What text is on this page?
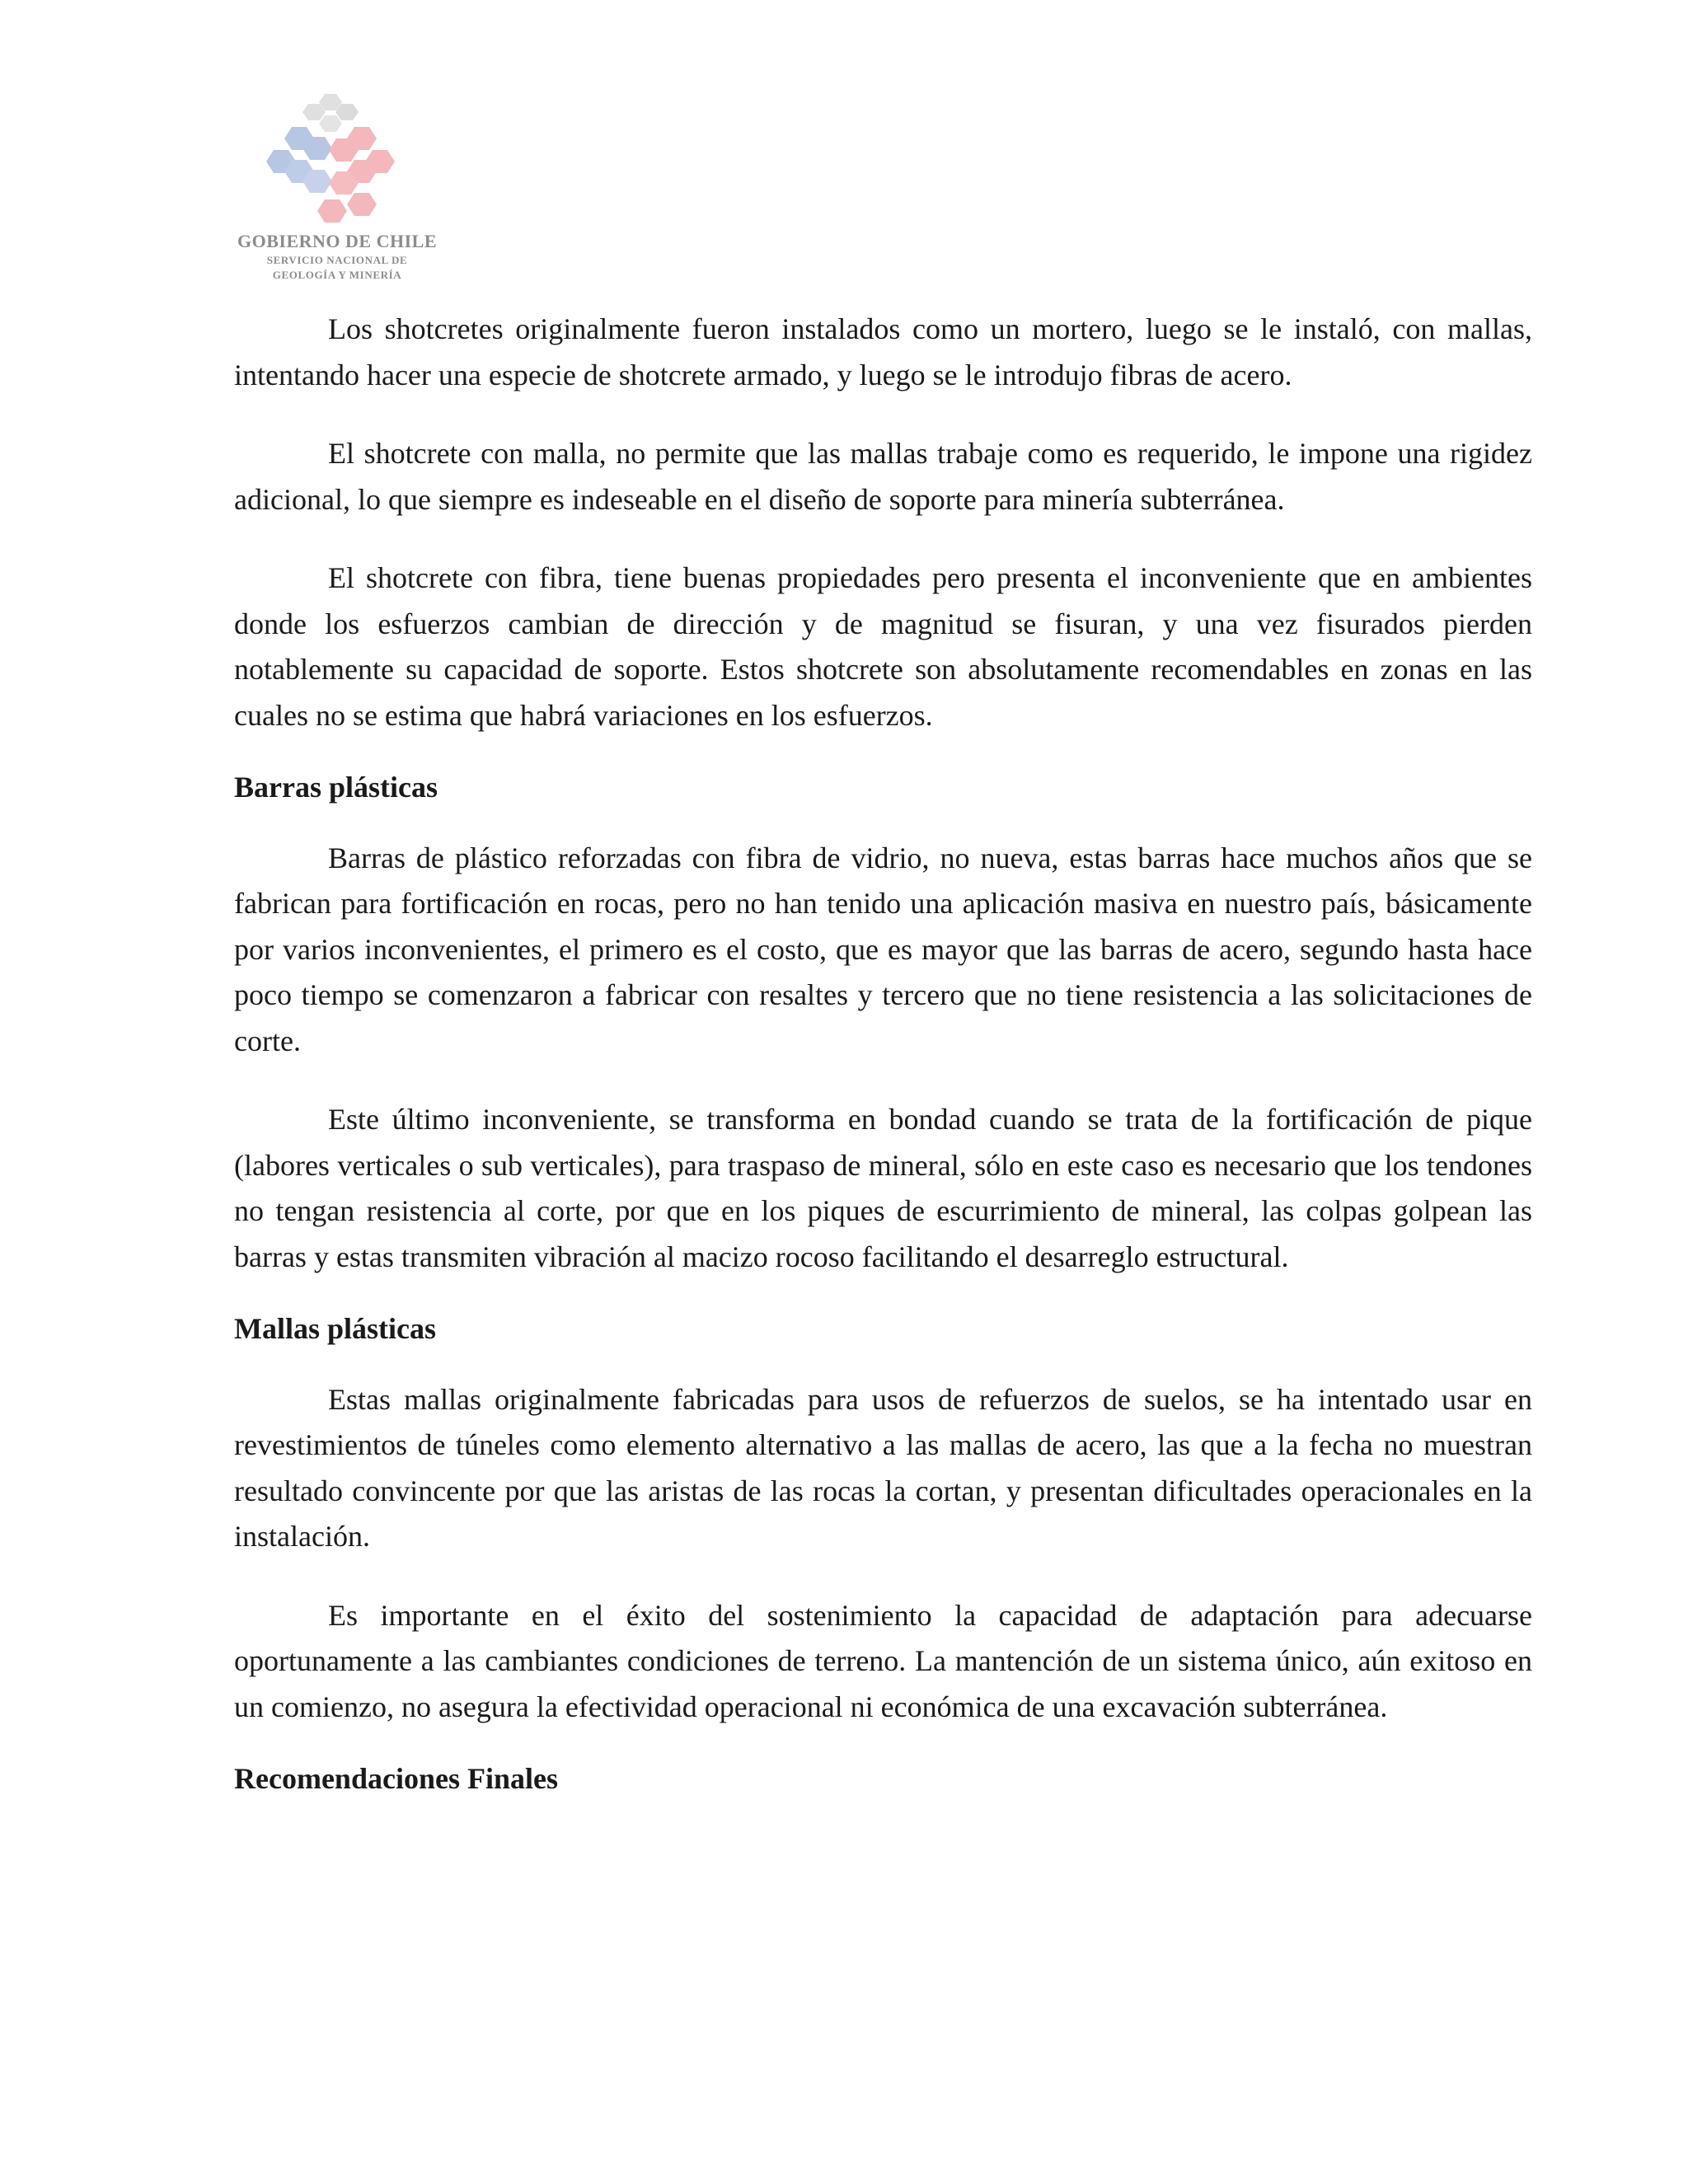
GOBIERNO DE CHILE
SERVICIO NACIONAL DE
GEOLOGÍA Y MINERÍA

Los shotcretes originalmente fueron instalados como un mortero, luego se le instaló, con mallas, intentando hacer una especie de shotcrete armado, y luego se le introdujo fibras de acero.

El shotcrete con malla, no permite que las mallas trabaje como es requerido, le impone una rigidez adicional, lo que siempre es indeseable en el diseño de soporte para minería subterránea.

El shotcrete con fibra, tiene buenas propiedades pero presenta el inconveniente que en ambientes donde los esfuerzos cambian de dirección y de magnitud se fisuran, y una vez fisurados pierden notablemente su capacidad de soporte. Estos shotcrete son absolutamente recomendables en zonas en las cuales no se estima que habrá variaciones en los esfuerzos.

Barras plásticas

Barras de plástico reforzadas con fibra de vidrio, no nueva, estas barras hace muchos años que se fabrican para fortificación en rocas, pero no han tenido una aplicación masiva en nuestro país, básicamente por varios inconvenientes, el primero es el costo, que es mayor que las barras de acero, segundo hasta hace poco tiempo se comenzaron a fabricar con resaltes y tercero que no tiene resistencia a las solicitaciones de corte.

Este último inconveniente, se transforma en bondad cuando se trata de la fortificación de pique (labores verticales o sub verticales), para traspaso de mineral, sólo en este caso es necesario que los tendones no tengan resistencia al corte, por que en los piques de escurrimiento de mineral, las colpas golpean las barras y estas transmiten vibración al macizo rocoso facilitando el desarreglo estructural.

Mallas plásticas

Estas mallas originalmente fabricadas para usos de refuerzos de suelos, se ha intentado usar en revestimientos de túneles como elemento alternativo a las mallas de acero, las que a la fecha no muestran resultado convincente por que las aristas de las rocas la cortan, y presentan dificultades operacionales en la instalación.

Es importante en el éxito del sostenimiento la capacidad de adaptación para adecuarse oportunamente a las cambiantes condiciones de terreno. La mantención de un sistema único, aún exitoso en un comienzo, no asegura la efectividad operacional ni económica de una excavación subterránea.

Recomendaciones Finales
